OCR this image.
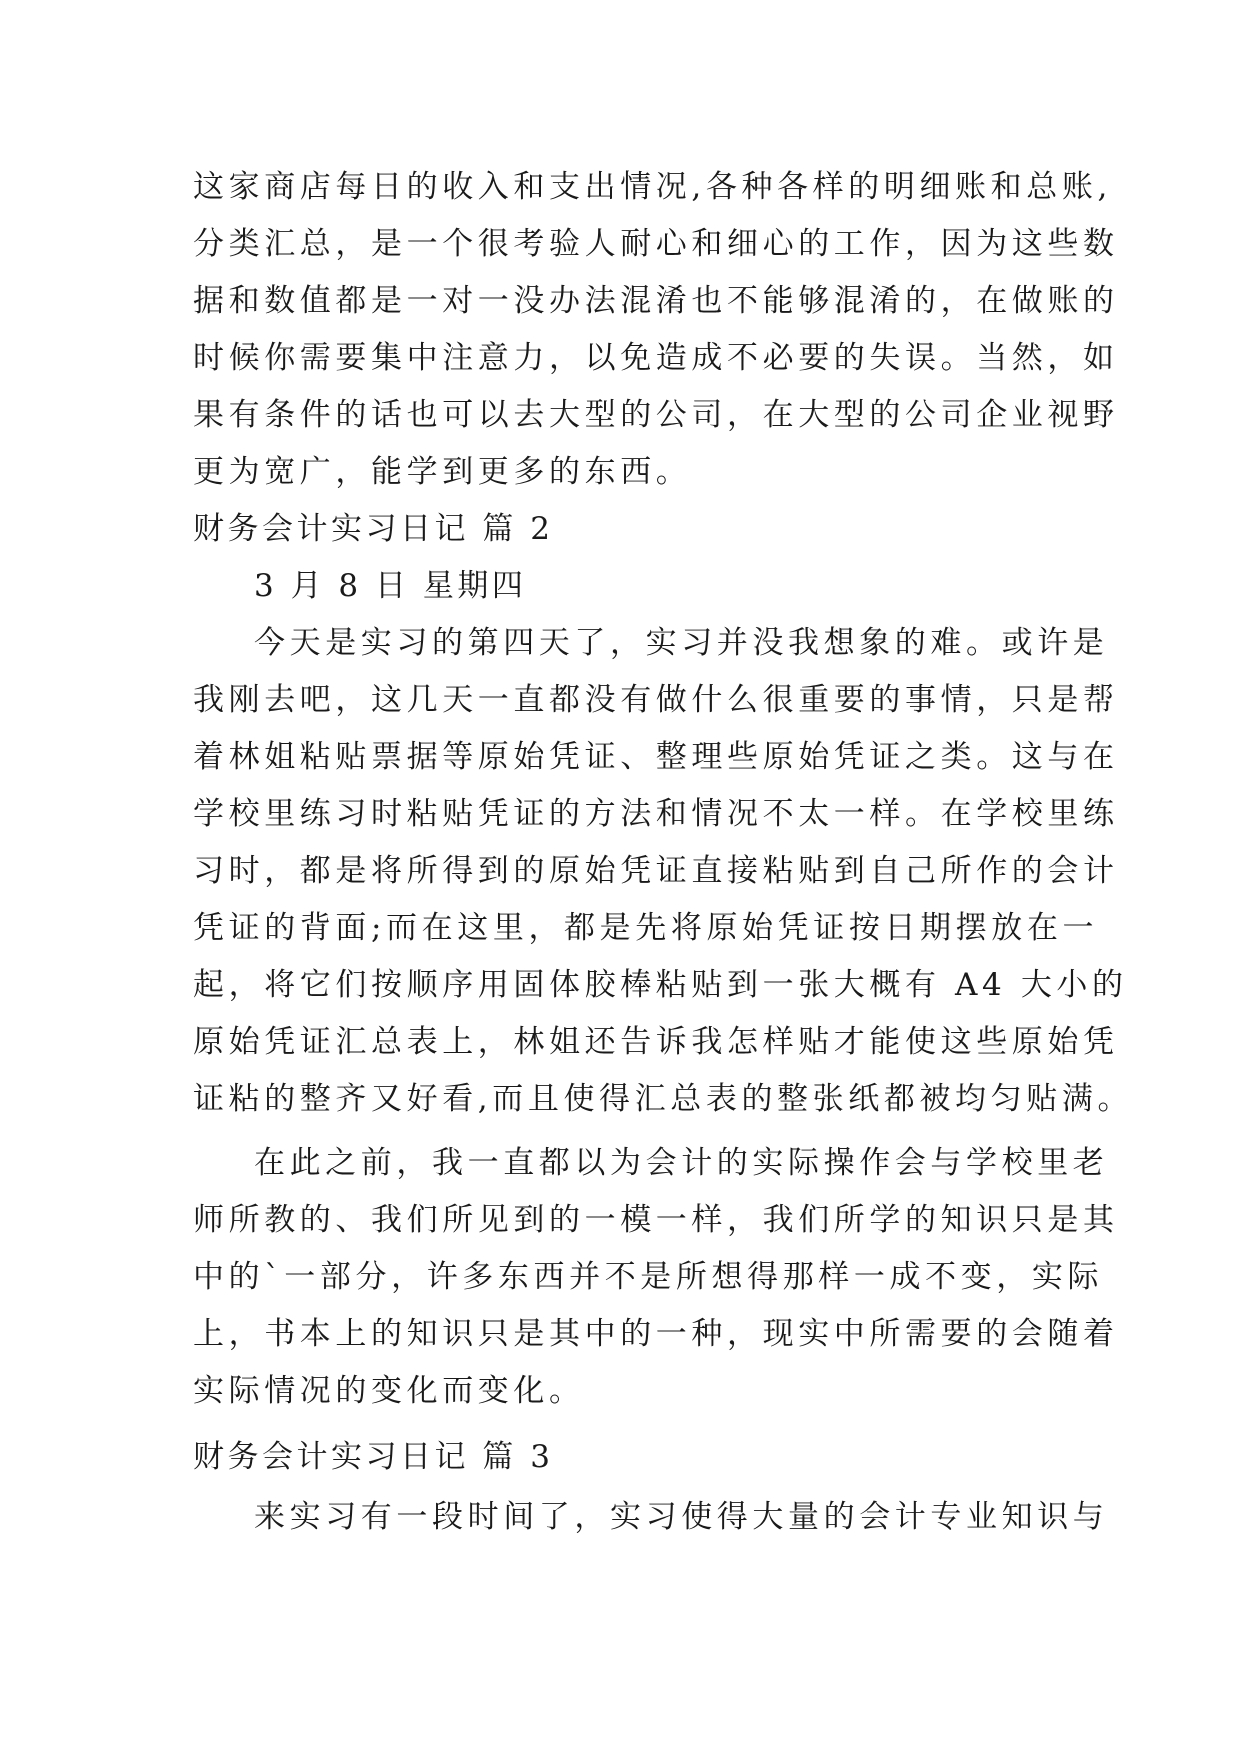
这家商店每日的收入和支出情况,各种各样的明细账和总账,
分类汇总，是一个很考验人耐心和细心的工作，因为这些数
据和数值都是一对一没办法混淆也不能够混淆的，在做账的
时候你需要集中注意力，以免造成不必要的失误。当然，如
果有条件的话也可以去大型的公司，在大型的公司企业视野
更为宽广，能学到更多的东西。
财务会计实习日记 篇 2
3 月 8 日 星期四
今天是实习的第四天了，实习并没我想象的难。或许是
我刚去吧，这几天一直都没有做什么很重要的事情，只是帮
着林姐粘贴票据等原始凭证、整理些原始凭证之类。这与在
学校里练习时粘贴凭证的方法和情况不太一样。在学校里练
习时，都是将所得到的原始凭证直接粘贴到自己所作的会计
凭证的背面;而在这里，都是先将原始凭证按日期摆放在一
起，将它们按顺序用固体胶棒粘贴到一张大概有 A4 大小的
原始凭证汇总表上，林姐还告诉我怎样贴才能使这些原始凭
证粘的整齐又好看,而且使得汇总表的整张纸都被均匀贴满。
在此之前，我一直都以为会计的实际操作会与学校里老
师所教的、我们所见到的一模一样，我们所学的知识只是其
中的`一部分，许多东西并不是所想得那样一成不变，实际
上，书本上的知识只是其中的一种，现实中所需要的会随着
实际情况的变化而变化。
财务会计实习日记 篇 3
来实习有一段时间了，实习使得大量的会计专业知识与
